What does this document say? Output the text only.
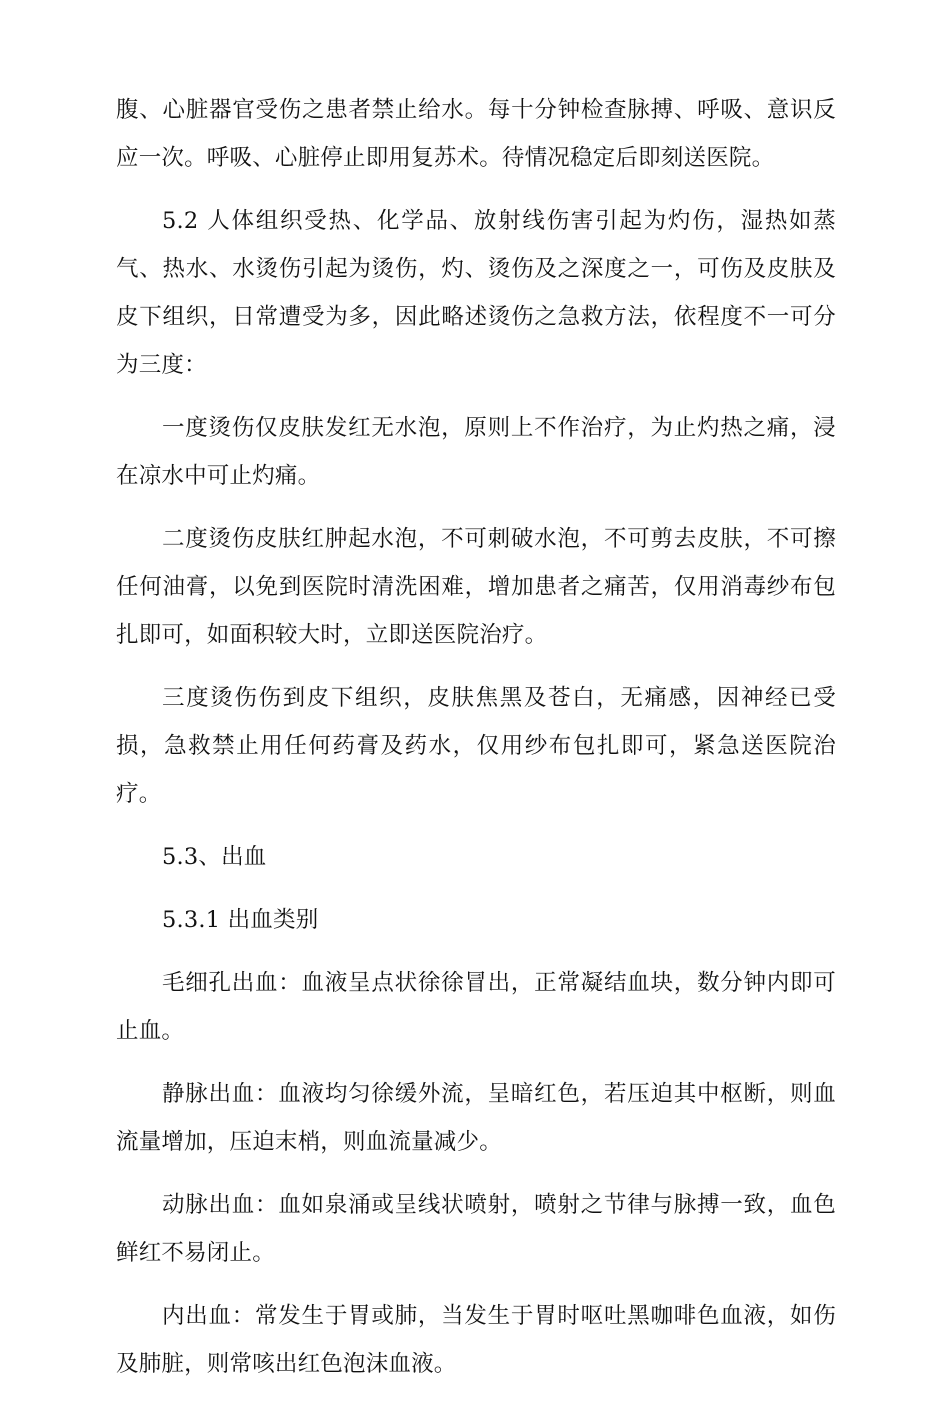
腹、心脏器官受伤之患者禁止给水。每十分钟检查脉搏、呼吸、意识反应一次。呼吸、心脏停止即用复苏术。待情况稳定后即刻送医院。

5.2 人体组织受热、化学品、放射线伤害引起为灼伤，湿热如蒸气、热水、水烫伤引起为烫伤，灼、烫伤及之深度之一，可伤及皮肤及皮下组织，日常遭受为多，因此略述烫伤之急救方法，依程度不一可分为三度：

一度烫伤仅皮肤发红无水泡，原则上不作治疗，为止灼热之痛，浸在凉水中可止灼痛。

二度烫伤皮肤红肿起水泡，不可刺破水泡，不可剪去皮肤，不可擦任何油膏，以免到医院时清洗困难，增加患者之痛苦，仅用消毒纱布包扎即可，如面积较大时，立即送医院治疗。

三度烫伤伤到皮下组织，皮肤焦黑及苍白，无痛感，因神经已受损，急救禁止用任何药膏及药水，仅用纱布包扎即可，紧急送医院治疗。

5.3、出血

5.3.1 出血类别

毛细孔出血：血液呈点状徐徐冒出，正常凝结血块，数分钟内即可止血。

静脉出血：血液均匀徐缓外流，呈暗红色，若压迫其中枢断，则血流量增加，压迫末梢，则血流量减少。

动脉出血：血如泉涌或呈线状喷射，喷射之节律与脉搏一致，血色鲜红不易闭止。

内出血：常发生于胃或肺，当发生于胃时呕吐黑咖啡色血液，如伤及肺脏，则常咳出红色泡沫血液。
